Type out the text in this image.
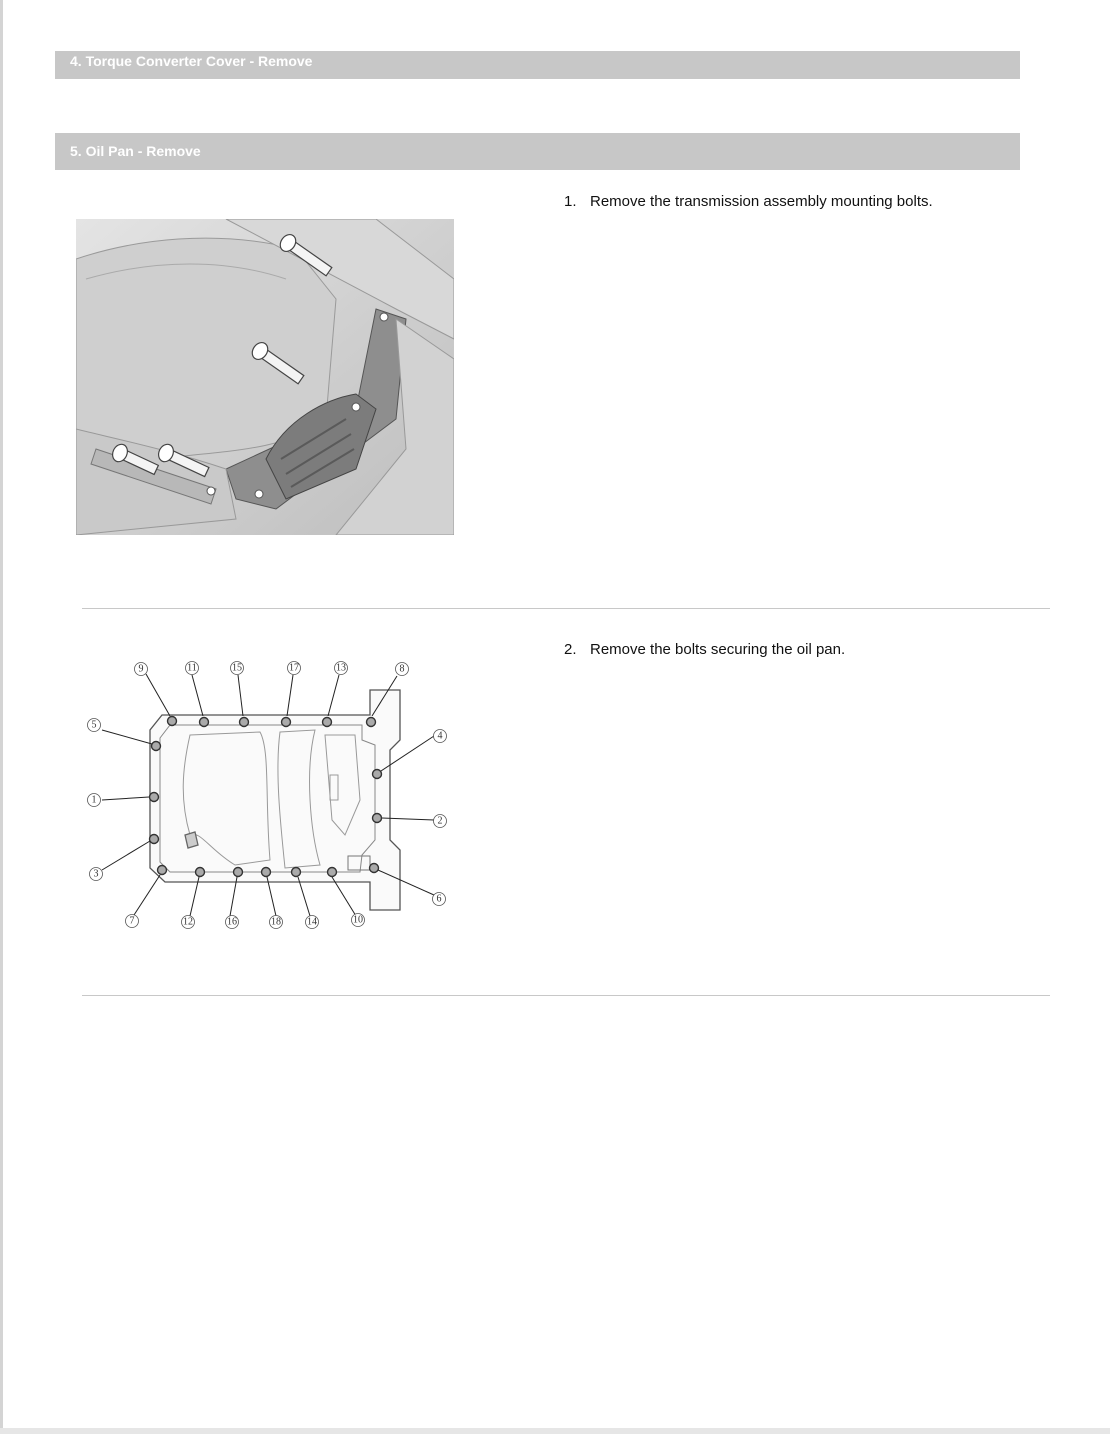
4. Torque Converter Cover - Remove
5. Oil Pan - Remove
1. Remove the transmission assembly mounting bolts.
9	11	15	17	13	8
5
4
1
2
3
6
7	12	16	18	14	10
2. Remove the bolts securing the oil pan.
